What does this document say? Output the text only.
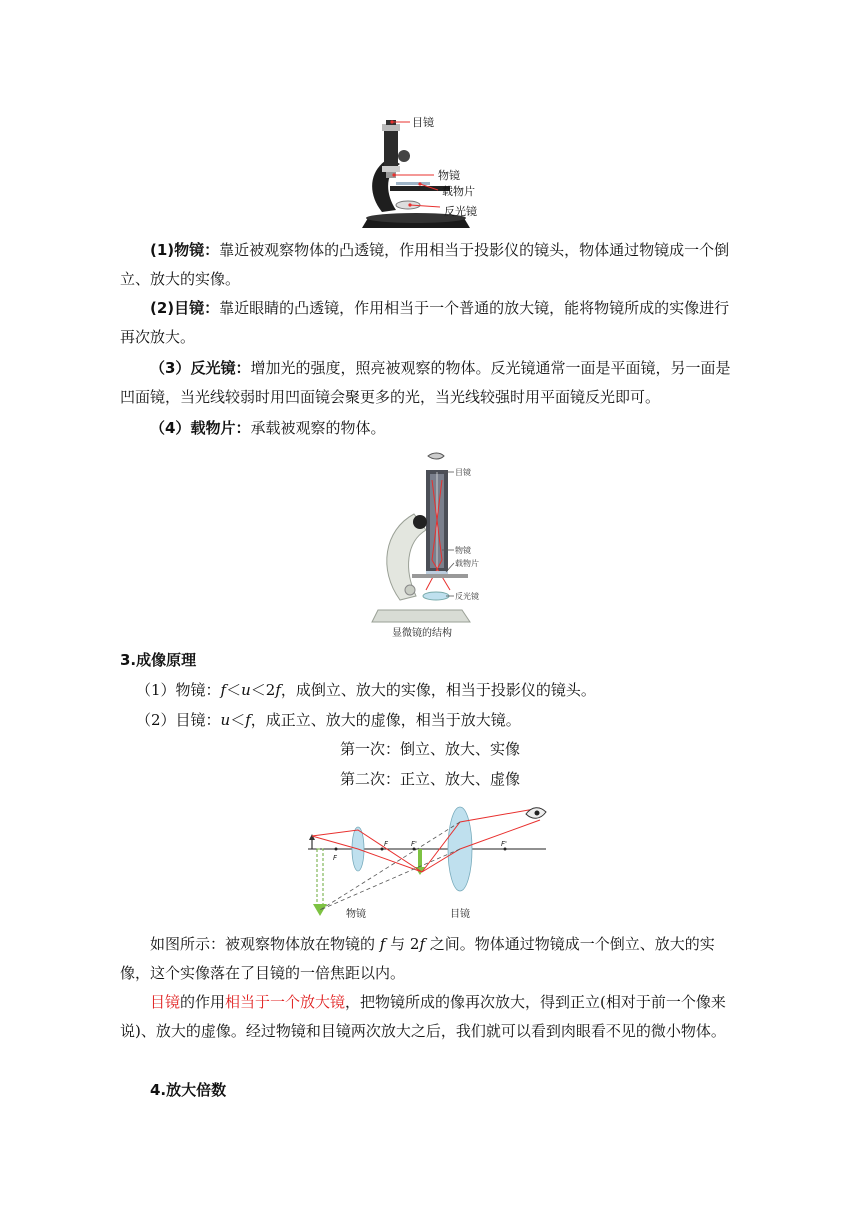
目镜
物镜
载物片
反光镜
(1)物镜：靠近被观察物体的凸透镜，作用相当于投影仪的镜头，物体通过物镜成一个倒立、放大的实像。
(2)目镜：靠近眼睛的凸透镜，作用相当于一个普通的放大镜，能将物镜所成的实像进行再次放大。
（3）反光镜：增加光的强度，照亮被观察的物体。反光镜通常一面是平面镜，另一面是凹面镜，当光线较弱时用凹面镜会聚更多的光，当光线较强时用平面镜反光即可。
（4）载物片：承载被观察的物体。
目镜
物镜
载物片
反光镜
显微镜的结构
3.成像原理
（1）物镜：f＜u＜2f，成倒立、放大的实像，相当于投影仪的镜头。
（2）目镜：u＜f，成正立、放大的虚像，相当于放大镜。
第一次：倒立、放大、实像
第二次：正立、放大、虚像
F
F	F'	F'
物镜	目镜
如图所示：被观察物体放在物镜的 f 与 2f 之间。物体通过物镜成一个倒立、放大的实像，这个实像落在了目镜的一倍焦距以内。
目镜的作用相当于一个放大镜，把物镜所成的像再次放大，得到正立(相对于前一个像来说)、放大的虚像。经过物镜和目镜两次放大之后，我们就可以看到肉眼看不见的微小物体。
4.放大倍数
